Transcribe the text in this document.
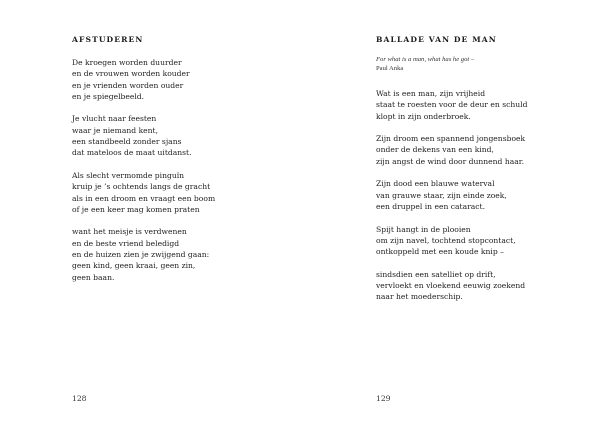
AFSTUDEREN
De kroegen worden duurder
en de vrouwen worden kouder
en je vrienden worden ouder
en je spiegelbeeld.
Je vlucht naar feesten
waar je niemand kent,
een standbeeld zonder sjans
dat mateloos de maat uitdanst.
Als slecht vermomde pinguïn
kruip je ’s ochtends langs de gracht
als in een droom en vraagt een boom
of je een keer mag komen praten
want het meisje is verdwenen
en de beste vriend beledigd
en de huizen zien je zwijgend gaan:
geen kind, geen kraai, geen zin,
geen baan.
128
BALLADE VAN DE MAN
For what is a man, what has he got –
Paul Anka
Wat is een man, zijn vrijheid
staat te roesten voor de deur en schuld
klopt in zijn onderbroek.
Zijn droom een spannend jongensboek
onder de dekens van een kind,
zijn angst de wind door dunnend haar.
Zijn dood een blauwe waterval
van grauwe staar, zijn einde zoek,
een druppel in een cataract.
Spijt hangt in de plooien
om zijn navel, tochtend stopcontact,
ontkoppeld met een koude knip –
sindsdien een satelliet op drift,
vervloekt en vloekend eeuwig zoekend
naar het moederschip.
129
